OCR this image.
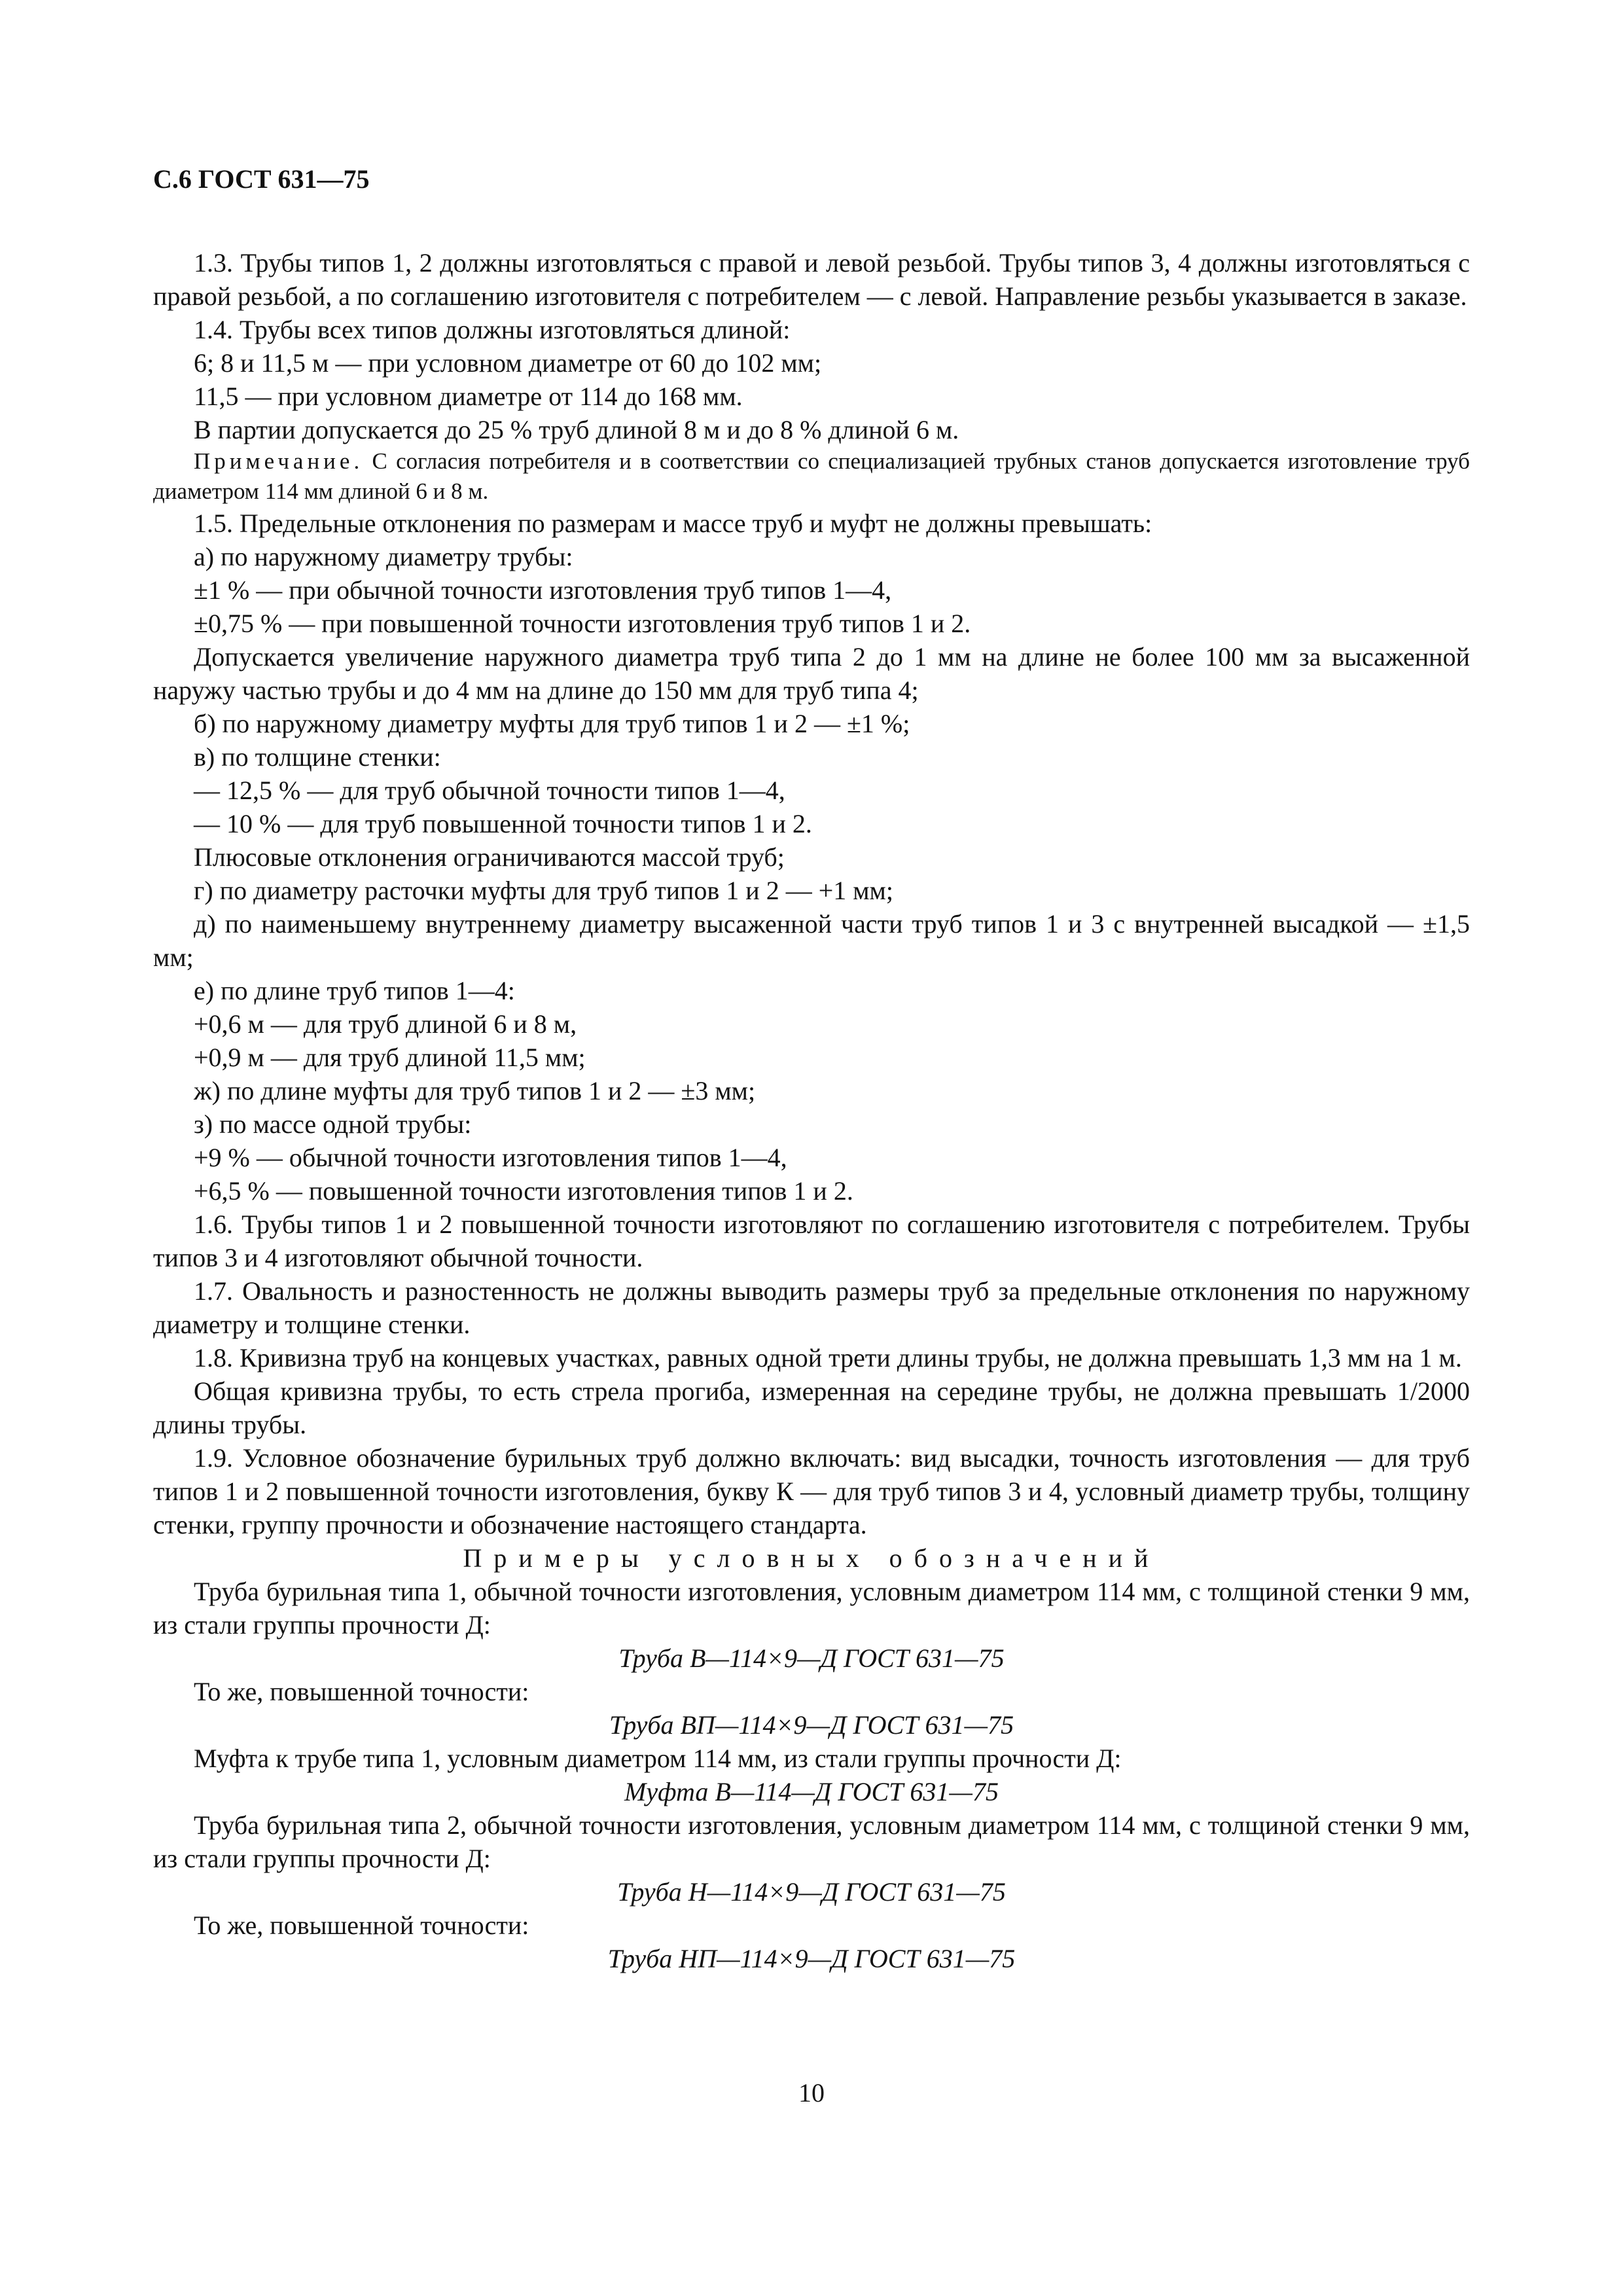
С.6 ГОСТ 631—75

1.3. Трубы типов 1, 2 должны изготовляться с правой и левой резьбой. Трубы типов 3, 4 должны изготовляться с правой резьбой, а по соглашению изготовителя с потребителем — с левой. Направление резьбы указывается в заказе.

1.4. Трубы всех типов должны изготовляться длиной:

6; 8 и 11,5 м — при условном диаметре от 60 до 102 мм;

11,5 — при условном диаметре от 114 до 168 мм.

В партии допускается до 25 % труб длиной 8 м и до 8 % длиной 6 м.

Примечание. С согласия потребителя и в соответствии со специализацией трубных станов допускается изготовление труб диаметром 114 мм длиной 6 и 8 м.

1.5. Предельные отклонения по размерам и массе труб и муфт не должны превышать:

а) по наружному диаметру трубы:

±1 % — при обычной точности изготовления труб типов 1—4,

±0,75 % — при повышенной точности изготовления труб типов 1 и 2.

Допускается увеличение наружного диаметра труб типа 2 до 1 мм на длине не более 100 мм за высаженной наружу частью трубы и до 4 мм на длине до 150 мм для труб типа 4;

б) по наружному диаметру муфты для труб типов 1 и 2 — ±1 %;

в) по толщине стенки:

— 12,5 % — для труб обычной точности типов 1—4,

— 10 % — для труб повышенной точности типов 1 и 2.

Плюсовые отклонения ограничиваются массой труб;

г) по диаметру расточки муфты для труб типов 1 и 2 — +1 мм;

д) по наименьшему внутреннему диаметру высаженной части труб типов 1 и 3 с внутренней высадкой — ±1,5 мм;

е) по длине труб типов 1—4:

+0,6 м — для труб длиной 6 и 8 м,

+0,9 м — для труб длиной 11,5 мм;

ж) по длине муфты для труб типов 1 и 2 — ±3 мм;

з) по массе одной трубы:

+9 % — обычной точности изготовления типов 1—4,

+6,5 % — повышенной точности изготовления типов 1 и 2.

1.6. Трубы типов 1 и 2 повышенной точности изготовляют по соглашению изготовителя с потребителем. Трубы типов 3 и 4 изготовляют обычной точности.

1.7. Овальность и разностенность не должны выводить размеры труб за предельные отклонения по наружному диаметру и толщине стенки.

1.8. Кривизна труб на концевых участках, равных одной трети длины трубы, не должна превышать 1,3 мм на 1 м.

Общая кривизна трубы, то есть стрела прогиба, измеренная на середине трубы, не должна превышать 1/2000 длины трубы.

1.9. Условное обозначение бурильных труб должно включать: вид высадки, точность изготовления — для труб типов 1 и 2 повышенной точности изготовления, букву К — для труб типов 3 и 4, условный диаметр трубы, толщину стенки, группу прочности и обозначение настоящего стандарта.

Примеры условных обозначений

Труба бурильная типа 1, обычной точности изготовления, условным диаметром 114 мм, с толщиной стенки 9 мм, из стали группы прочности Д:

Труба В—114×9—Д ГОСТ 631—75

То же, повышенной точности:

Труба ВП—114×9—Д ГОСТ 631—75

Муфта к трубе типа 1, условным диаметром 114 мм, из стали группы прочности Д:

Муфта В—114—Д ГОСТ 631—75

Труба бурильная типа 2, обычной точности изготовления, условным диаметром 114 мм, с толщиной стенки 9 мм, из стали группы прочности Д:

Труба Н—114×9—Д ГОСТ 631—75

То же, повышенной точности:

Труба НП—114×9—Д ГОСТ 631—75

10
